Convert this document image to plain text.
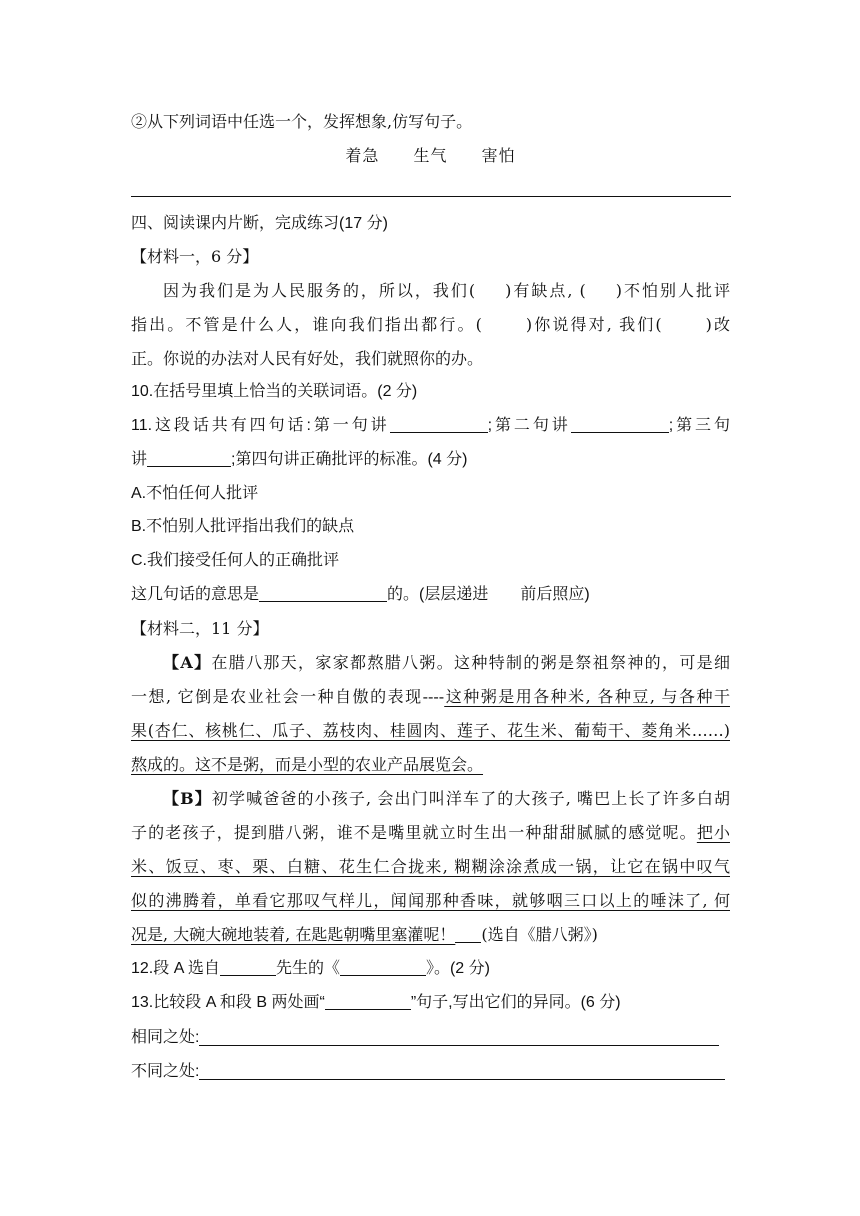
②从下列词语中任选一个，发挥想象,仿写句子。
着急 生气 害怕
四、阅读课内片断，完成练习(17 分)
【材料一，6 分】
因为我们是为人民服务的，所以，我们( )有缺点, ( )不怕别人批评
指出。不管是什么人，谁向我们指出都行。(	)你说得对, 我们(	)改
正。你说的办法对人民有好处，我们就照你的办。
10.在括号里填上恰当的关联词语。(2 分)
11.这段话共有四句话:第一句讲	;第二句讲	;第三句
讲	;第四句讲正确批评的标准。(4 分)
A.不怕任何人批评
B.不怕别人批评指出我们的缺点
C.我们接受任何人的正确批评
这几句话的意思是	的。(层层递进 前后照应)
【材料二，11 分】
【A】在腊八那天，家家都熬腊八粥。这种特制的粥是祭祖祭神的，可是细
一想, 它倒是农业社会一种自傲的表现----这种粥是用各种米, 各种豆, 与各种干
果(杏仁、核桃仁、瓜子、荔枝肉、桂圆肉、莲子、花生米、葡萄干、菱角米……)
熬成的。这不是粥，而是小型的农业产品展览会。
【B】初学喊爸爸的小孩子, 会出门叫洋车了的大孩子, 嘴巴上长了许多白胡
子的老孩子，提到腊八粥，谁不是嘴里就立时生出一种甜甜腻腻的感觉呢。把小
米、饭豆、枣、栗、白糖、花生仁合拢来, 糊糊涂涂煮成一锅，让它在锅中叹气
似的沸腾着，单看它那叹气样儿，闻闻那种香味，就够咽三口以上的唾沫了, 何
况是, 大碗大碗地装着, 在匙匙朝嘴里塞灌呢！ (选自《腊八粥》)
12.段 A 选自	先生的《	》。(2 分)
13.比较段 A 和段 B 两处画“	”句子,写出它们的异同。(6 分)
相同之处:
不同之处:
